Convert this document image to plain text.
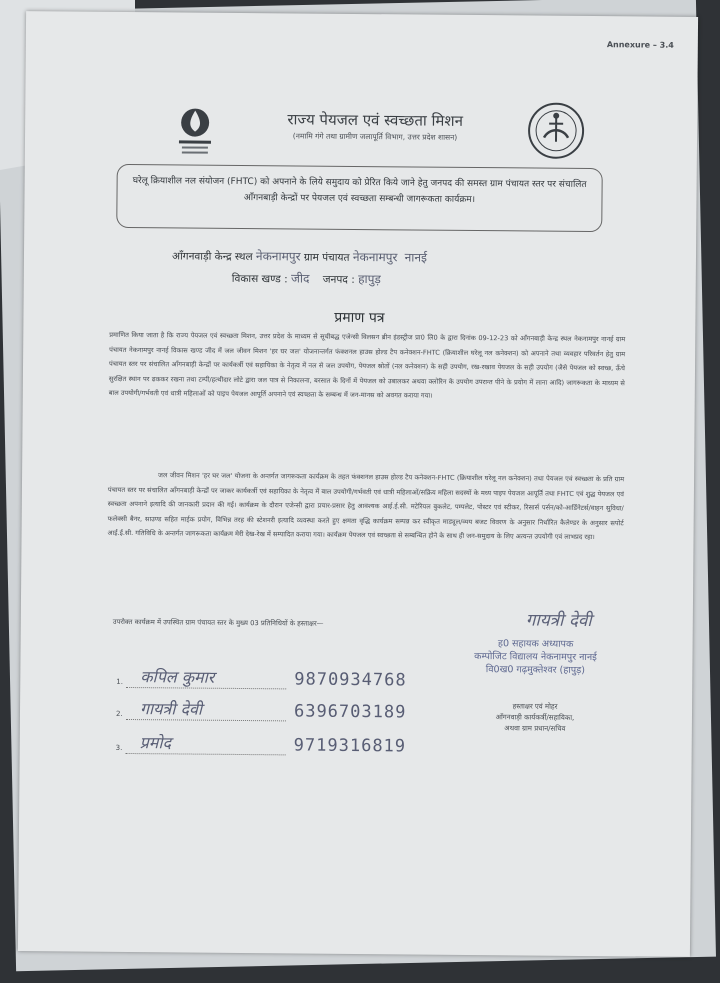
Annexure – 3.4
राज्य पेयजल एवं स्वच्छता मिशन
(नमामि गंगे तथा ग्रामीण जलापूर्ति विभाग, उत्तर प्रदेश शासन)
घरेलू क्रियाशील नल संयोजन (FHTC) को अपनाने के लिये समुदाय को प्रेरित किये जाने हेतु जनपद की समस्त ग्राम पंचायत स्तर पर संचालित आँगनबाड़ी केन्द्रों पर पेयजल एवं स्वच्छता सम्बन्धी जागरूकता कार्यक्रम।
आँगनवाड़ी केन्द्र स्थल नेकनामपुर ग्राम पंचायत नेकनामपुर नानई
विकास खण्ड : जीद जनपद : हापुड़
प्रमाण पत्र
प्रमाणित किया जाता है कि राज्य पेयजल एवं स्वच्छता मिशन, उत्तर प्रदेश के माध्यम से सूचीबद्ध एजेन्सी विलसन ब्रीन इंडस्ट्रीज प्रा0 लि0 के द्वारा दिनांक 09-12-23 को आँगनबाड़ी केन्द्र स्थल नेकनामपुर नानई ग्राम पंचायत नेकनामपुर नानई विकास खण्ड जीद में जल जीवन मिशन 'हर घर जल' योजनान्तर्गत फंक्शनल हाउस होल्ड टैप कनेक्शन-FHTC (क्रियाशील घरेलू नल कनेक्शन) को अपनाने तथा व्यवहार परिवर्तन हेतु ग्राम पंचायत स्तर पर संचालित आँगनबाड़ी केन्द्रों पर कार्यकर्त्री एवं सहायिका के नेतृत्व में नल से जल उपयोग, पेयजल स्रोतों (नल कनेक्शन) के सही उपयोग, रख-रखाव पेयजल के सही उपयोग (जैसे पेयजल को स्वच्छ, ऊँचे सुरक्षित स्थान पर ढककर रखना तथा टम्पी/हत्थीदार लोटे द्वारा जल पात्र से निकालना, बरसात के दिनों में पेयजल को उबालकर अथवा क्लोरिन के उपयोग उपरान्त पीने के प्रयोग में लाना आदि) जागरूकता के माध्यम से बाल उपयोगी/गर्भवती एवं धात्री महिलाओं को पाइप पेयजल आपूर्ति अपनाने एवं स्वच्छता के सम्बन्ध में जन-मानस को अवगत कराया गया।
जल जीवन मिशन 'हर घर जल' योजना के अन्तर्गत जागरूकता कार्यक्रम के तहत फंक्शनल हाउस होल्ड टैप कनेक्शन-FHTC (क्रियाशील घरेलू नल कनेक्शन) तथा पेयजल एवं स्वच्छता के प्रति ग्राम पंचायत स्तर पर संचालित आँगनबाड़ी केन्द्रों पर जाकर कार्यकर्त्री एवं सहायिका के नेतृत्व में बाल उपयोगी/गर्भवती एवं धात्री महिलाओं/सक्रिय महिला सदस्यों के मध्य पाइप पेयजल आपूर्ति तथा FHTC एवं शुद्ध पेयजल एवं स्वच्छता अपनाने इत्यादि की जानकारी प्रदान की गई। कार्यक्रम के दौरान एजेन्सी द्वारा प्रचार-प्रसार हेतु आवश्यक आई.ई.सी. मटेरियल बुकलेट, पम्पलेट, पोस्टर एवं स्टीकर, रिसार्स पर्सन/को-आर्डिनेटर्स/वाहन सुविधा/फलेक्सी बैनर, साउण्ड सहित माईक प्रयोग, विभिन्न तरह की स्टेशनरी इत्यादि व्यवस्था करते हुए क्षमता वृद्धि कार्यक्रम सम्पन्न कर स्वीकृत माड्यूल/व्यय बजट विवरण के अनुसार निर्धारित कैलेण्डर के अनुसार सपोर्ट आई.ई.सी. गतिविधि के अन्तर्गत जागरूकता कार्यक्रम मेरी देख-रेख में सम्पादित कराया गया। कार्यक्रम पेयजल एवं स्वच्छता से सम्बन्धित होने के साथ ही जन-समुदाय के लिए अत्यन्त उपयोगी एवं लाभप्रद रहा।
उपरोक्त कार्यक्रम में उपस्थित ग्राम पंचायत स्तर के मुख्य 03 प्रतिनिधियों के हस्ताक्षर—	गायत्री देवी
ह0 सहायक अध्यापक
कम्पोजिट विद्यालय नेकनामपुर नानई
वि0ख0 गढ़मुक्तेश्वर (हापुड़)
1.	कपिल कुमार	9870934768
2.	गायत्री देवी	6396703189
3.	प्रमोद	9719316819
हस्ताक्षर एवं मोहर
आँगनवाड़ी कार्यकर्त्री/सहायिका,
अथवा ग्राम प्रधान/सचिव
